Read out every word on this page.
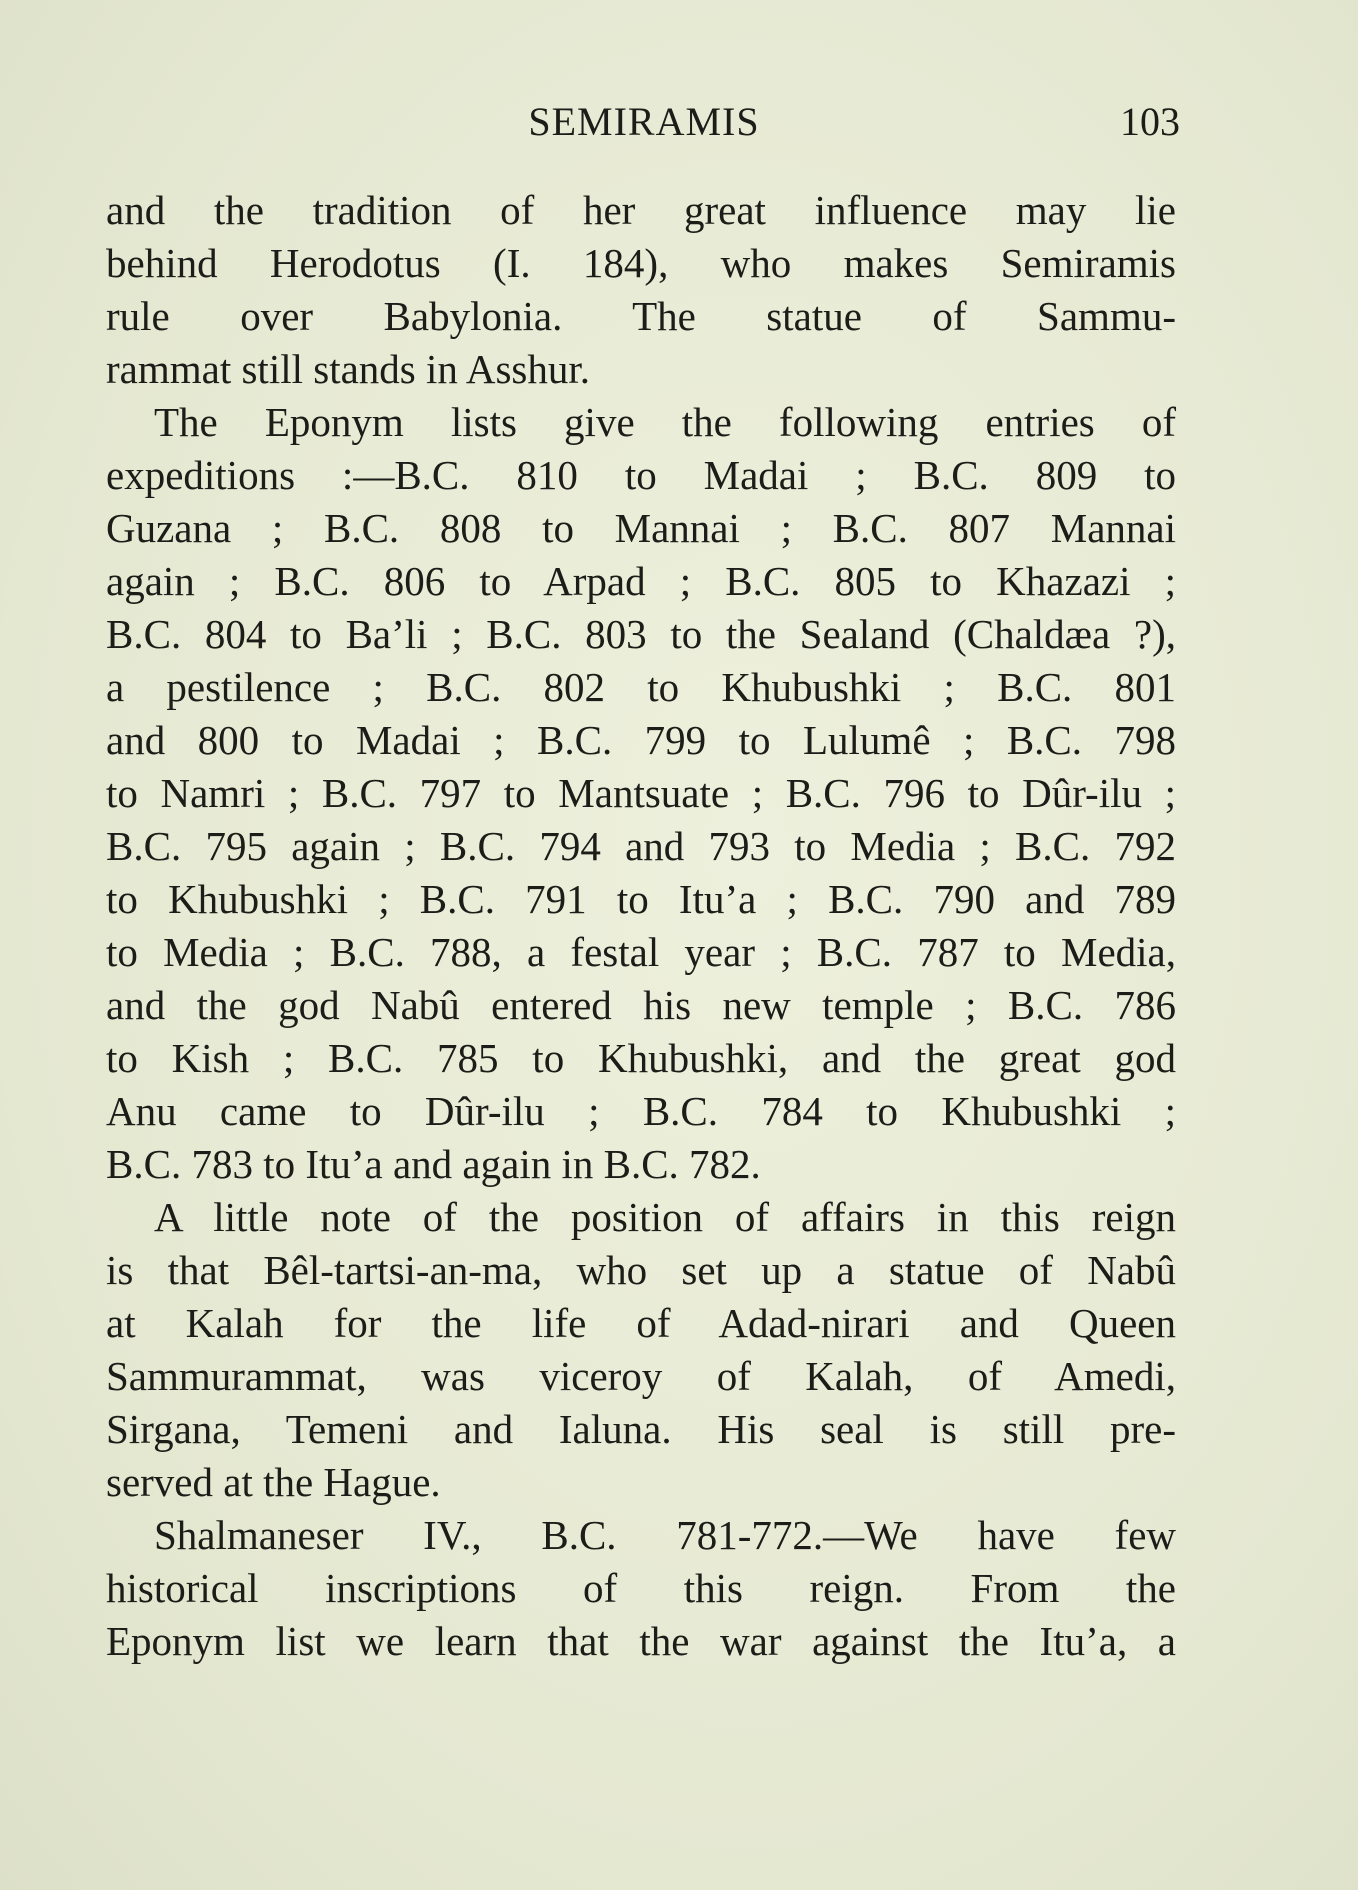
SEMIRAMIS	103
and the tradition of her great influence may lie
behind Herodotus (I. 184), who makes Semiramis
rule over Babylonia. The statue of Sammu-
rammat still stands in Asshur.
The Eponym lists give the following entries of
expeditions :—B.C. 810 to Madai ; B.C. 809 to
Guzana ; B.C. 808 to Mannai ; B.C. 807 Mannai
again ; B.C. 806 to Arpad ; B.C. 805 to Khazazi ;
B.C. 804 to Ba’li ; B.C. 803 to the Sealand (Chaldæa ?),
a pestilence ; B.C. 802 to Khubushki ; B.C. 801
and 800 to Madai ; B.C. 799 to Lulumê ; B.C. 798
to Namri ; B.C. 797 to Mantsuate ; B.C. 796 to Dûr-ilu ;
B.C. 795 again ; B.C. 794 and 793 to Media ; B.C. 792
to Khubushki ; B.C. 791 to Itu’a ; B.C. 790 and 789
to Media ; B.C. 788, a festal year ; B.C. 787 to Media,
and the god Nabû entered his new temple ; B.C. 786
to Kish ; B.C. 785 to Khubushki, and the great god
Anu came to Dûr-ilu ; B.C. 784 to Khubushki ;
B.C. 783 to Itu’a and again in B.C. 782.
A little note of the position of affairs in this reign
is that Bêl-tartsi-an-ma, who set up a statue of Nabû
at Kalah for the life of Adad-nirari and Queen
Sammurammat, was viceroy of Kalah, of Amedi,
Sirgana, Temeni and Ialuna. His seal is still pre-
served at the Hague.
Shalmaneser IV., B.C. 781-772.—We have few
historical inscriptions of this reign. From the
Eponym list we learn that the war against the Itu’a, a
